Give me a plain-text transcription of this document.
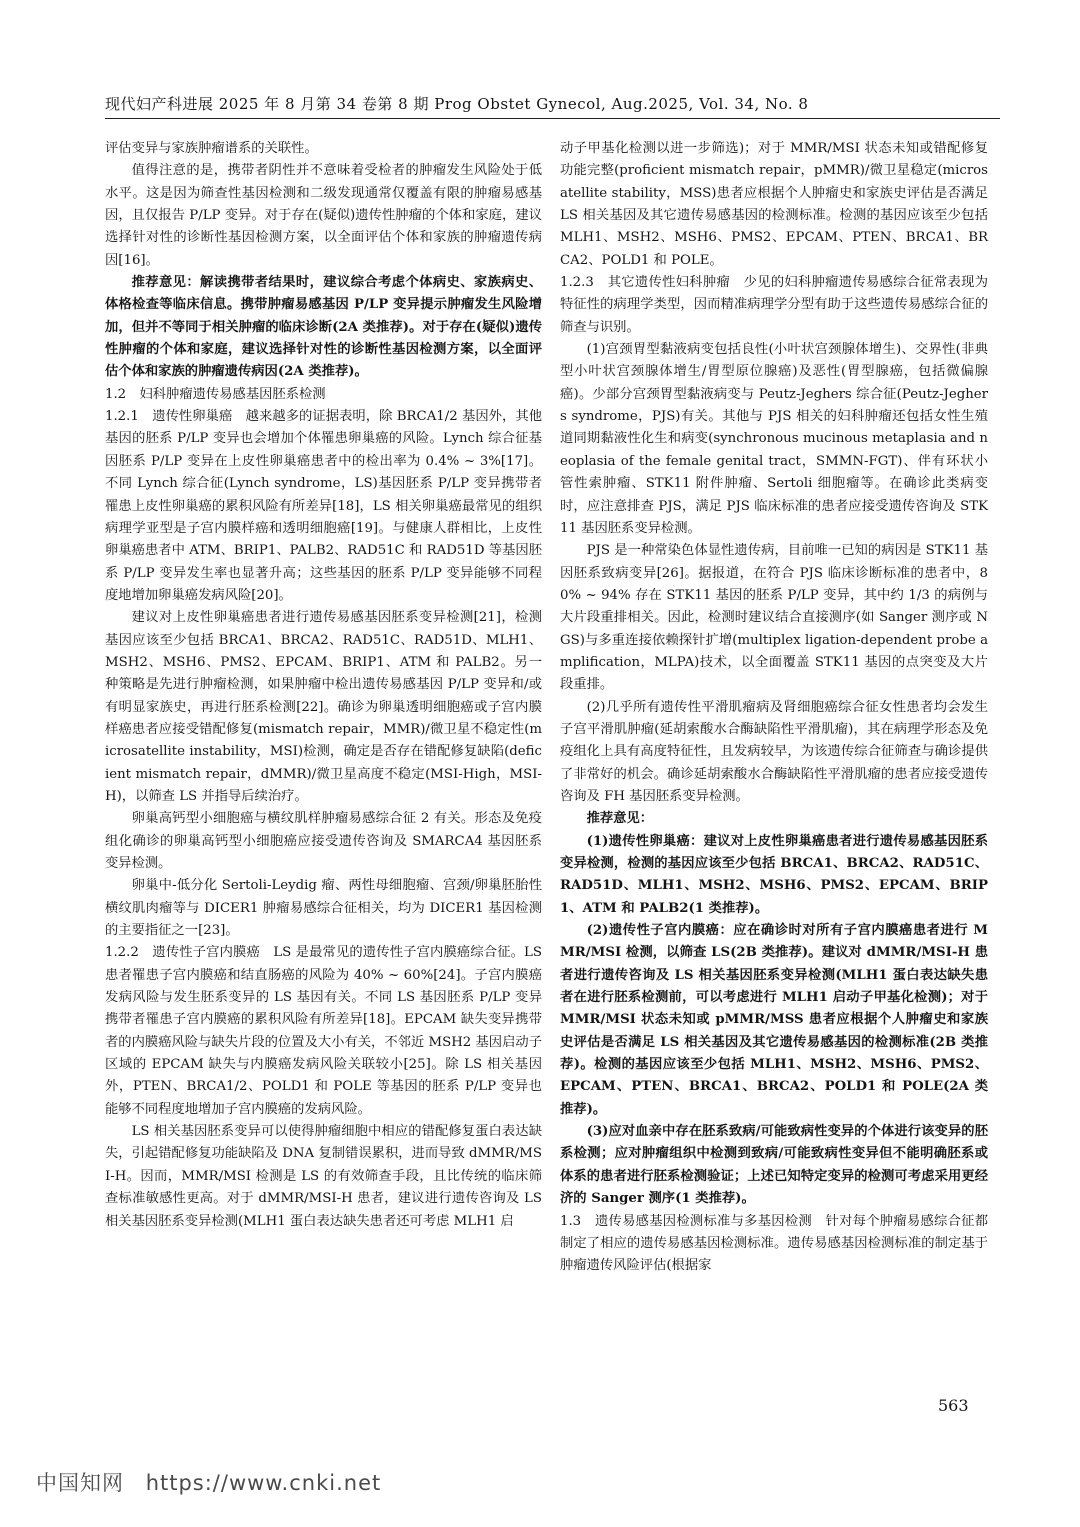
现代妇产科进展 2025 年 8 月第 34 卷第 8 期 Prog Obstet Gynecol, Aug.2025, Vol. 34, No. 8

评估变异与家族肿瘤谱系的关联性。

值得注意的是，携带者阴性并不意味着受检者的肿瘤发生风险处于低水平。这是因为筛查性基因检测和二级发现通常仅覆盖有限的肿瘤易感基因，且仅报告 P/LP 变异。对于存在(疑似)遗传性肿瘤的个体和家庭，建议选择针对性的诊断性基因检测方案，以全面评估个体和家族的肿瘤遗传病因[16]。

推荐意见：解读携带者结果时，建议综合考虑个体病史、家族病史、体格检查等临床信息。携带肿瘤易感基因 P/LP 变异提示肿瘤发生风险增加，但并不等同于相关肿瘤的临床诊断(2A 类推荐)。对于存在(疑似)遗传性肿瘤的个体和家庭，建议选择针对性的诊断性基因检测方案，以全面评估个体和家族的肿瘤遗传病因(2A 类推荐)。

1.2　妇科肿瘤遗传易感基因胚系检测

1.2.1　遗传性卵巢癌　越来越多的证据表明，除 BRCA1/2 基因外，其他基因的胚系 P/LP 变异也会增加个体罹患卵巢癌的风险。Lynch 综合征基因胚系 P/LP 变异在上皮性卵巢癌患者中的检出率为 0.4% ~ 3%[17]。不同 Lynch 综合征(Lynch syndrome，LS)基因胚系 P/LP 变异携带者罹患上皮性卵巢癌的累积风险有所差异[18]，LS 相关卵巢癌最常见的组织病理学亚型是子宫内膜样癌和透明细胞癌[19]。与健康人群相比，上皮性卵巢癌患者中 ATM、BRIP1、PALB2、RAD51C 和 RAD51D 等基因胚系 P/LP 变异发生率也显著升高；这些基因的胚系 P/LP 变异能够不同程度地增加卵巢癌发病风险[20]。

建议对上皮性卵巢癌患者进行遗传易感基因胚系变异检测[21]，检测基因应该至少包括 BRCA1、BRCA2、RAD51C、RAD51D、MLH1、MSH2、MSH6、PMS2、EPCAM、BRIP1、ATM 和 PALB2。另一种策略是先进行肿瘤检测，如果肿瘤中检出遗传易感基因 P/LP 变异和/或有明显家族史，再进行胚系检测[22]。确诊为卵巢透明细胞癌或子宫内膜样癌患者应接受错配修复(mismatch repair，MMR)/微卫星不稳定性(microsatellite instability，MSI)检测，确定是否存在错配修复缺陷(deficient mismatch repair，dMMR)/微卫星高度不稳定(MSI-High，MSI-H)，以筛查 LS 并指导后续治疗。

卵巢高钙型小细胞癌与横纹肌样肿瘤易感综合征 2 有关。形态及免疫组化确诊的卵巢高钙型小细胞癌应接受遗传咨询及 SMARCA4 基因胚系变异检测。

卵巢中-低分化 Sertoli-Leydig 瘤、两性母细胞瘤、宫颈/卵巢胚胎性横纹肌肉瘤等与 DICER1 肿瘤易感综合征相关，均为 DICER1 基因检测的主要指征之一[23]。

1.2.2　遗传性子宫内膜癌　LS 是最常见的遗传性子宫内膜癌综合征。LS 患者罹患子宫内膜癌和结直肠癌的风险为 40% ~ 60%[24]。子宫内膜癌发病风险与发生胚系变异的 LS 基因有关。不同 LS 基因胚系 P/LP 变异携带者罹患子宫内膜癌的累积风险有所差异[18]。EPCAM 缺失变异携带者的内膜癌风险与缺失片段的位置及大小有关，不邻近 MSH2 基因启动子区域的 EPCAM 缺失与内膜癌发病风险关联较小[25]。除 LS 相关基因外，PTEN、BRCA1/2、POLD1 和 POLE 等基因的胚系 P/LP 变异也能够不同程度地增加子宫内膜癌的发病风险。

LS 相关基因胚系变异可以使得肿瘤细胞中相应的错配修复蛋白表达缺失，引起错配修复功能缺陷及 DNA 复制错误累积，进而导致 dMMR/MSI-H。因而，MMR/MSI 检测是 LS 的有效筛查手段，且比传统的临床筛查标准敏感性更高。对于 dMMR/MSI-H 患者，建议进行遗传咨询及 LS 相关基因胚系变异检测(MLH1 蛋白表达缺失患者还可考虑 MLH1 启

动子甲基化检测以进一步筛选)；对于 MMR/MSI 状态未知或错配修复功能完整(proficient mismatch repair，pMMR)/微卫星稳定(microsatellite stability，MSS)患者应根据个人肿瘤史和家族史评估是否满足 LS 相关基因及其它遗传易感基因的检测标准。检测的基因应该至少包括 MLH1、MSH2、MSH6、PMS2、EPCAM、PTEN、BRCA1、BRCA2、POLD1 和 POLE。

1.2.3　其它遗传性妇科肿瘤　少见的妇科肿瘤遗传易感综合征常表现为特征性的病理学类型，因而精准病理学分型有助于这些遗传易感综合征的筛查与识别。

(1)宫颈胃型黏液病变包括良性(小叶状宫颈腺体增生)、交界性(非典型小叶状宫颈腺体增生/胃型原位腺癌)及恶性(胃型腺癌，包括微偏腺癌)。少部分宫颈胃型黏液病变与 Peutz-Jeghers 综合征(Peutz-Jeghers syndrome，PJS)有关。其他与 PJS 相关的妇科肿瘤还包括女性生殖道同期黏液性化生和病变(synchronous mucinous metaplasia and neoplasia of the female genital tract，SMMN-FGT)、伴有环状小管性索肿瘤、STK11 附件肿瘤、Sertoli 细胞瘤等。在确诊此类病变时，应注意排查 PJS，满足 PJS 临床标准的患者应接受遗传咨询及 STK11 基因胚系变异检测。

PJS 是一种常染色体显性遗传病，目前唯一已知的病因是 STK11 基因胚系致病变异[26]。据报道，在符合 PJS 临床诊断标准的患者中，80% ~ 94% 存在 STK11 基因的胚系 P/LP 变异，其中约 1/3 的病例与大片段重排相关。因此，检测时建议结合直接测序(如 Sanger 测序或 NGS)与多重连接依赖探针扩增(multiplex ligation-dependent probe amplification，MLPA)技术，以全面覆盖 STK11 基因的点突变及大片段重排。

(2)几乎所有遗传性平滑肌瘤病及肾细胞癌综合征女性患者均会发生子宫平滑肌肿瘤(延胡索酸水合酶缺陷性平滑肌瘤)，其在病理学形态及免疫组化上具有高度特征性，且发病较早，为该遗传综合征筛查与确诊提供了非常好的机会。确诊延胡索酸水合酶缺陷性平滑肌瘤的患者应接受遗传咨询及 FH 基因胚系变异检测。

推荐意见：

(1)遗传性卵巢癌：建议对上皮性卵巢癌患者进行遗传易感基因胚系变异检测，检测的基因应该至少包括 BRCA1、BRCA2、RAD51C、RAD51D、MLH1、MSH2、MSH6、PMS2、EPCAM、BRIP1、ATM 和 PALB2(1 类推荐)。

(2)遗传性子宫内膜癌：应在确诊时对所有子宫内膜癌患者进行 MMR/MSI 检测，以筛查 LS(2B 类推荐)。建议对 dMMR/MSI-H 患者进行遗传咨询及 LS 相关基因胚系变异检测(MLH1 蛋白表达缺失患者在进行胚系检测前，可以考虑进行 MLH1 启动子甲基化检测)；对于 MMR/MSI 状态未知或 pMMR/MSS 患者应根据个人肿瘤史和家族史评估是否满足 LS 相关基因及其它遗传易感基因的检测标准(2B 类推荐)。检测的基因应该至少包括 MLH1、MSH2、MSH6、PMS2、EPCAM、PTEN、BRCA1、BRCA2、POLD1 和 POLE(2A 类推荐)。

(3)应对血亲中存在胚系致病/可能致病性变异的个体进行该变异的胚系检测；应对肿瘤组织中检测到致病/可能致病性变异但不能明确胚系或体系的患者进行胚系检测验证；上述已知特定变异的检测可考虑采用更经济的 Sanger 测序(1 类推荐)。

1.3　遗传易感基因检测标准与多基因检测　针对每个肿瘤易感综合征都制定了相应的遗传易感基因检测标准。遗传易感基因检测标准的制定基于肿瘤遗传风险评估(根据家

563
中国知网 https://www.cnki.net
